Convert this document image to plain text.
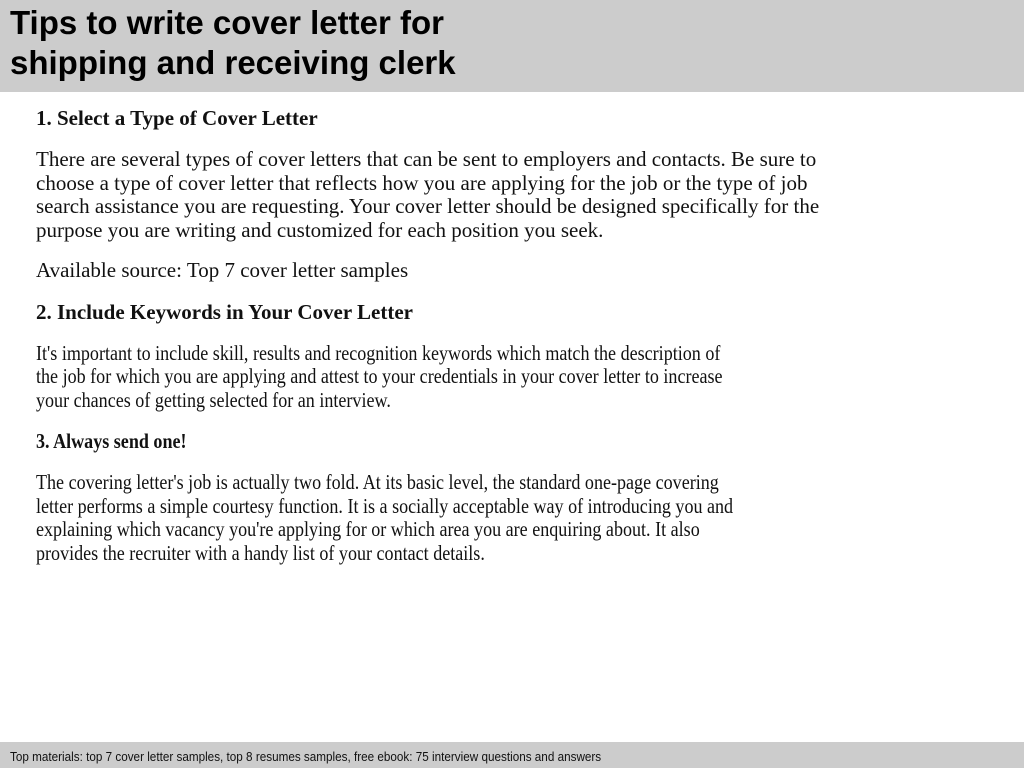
Tips to write cover letter for
shipping and receiving clerk

1. Select a Type of Cover Letter

There are several types of cover letters that can be sent to employers and contacts. Be sure to
choose a type of cover letter that reflects how you are applying for the job or the type of job
search assistance you are requesting. Your cover letter should be designed specifically for the
purpose you are writing and customized for each position you seek.

Available source: Top 7 cover letter samples

2. Include Keywords in Your Cover Letter

It's important to include skill, results and recognition keywords which match the description of
the job for which you are applying and attest to your credentials in your cover letter to increase
your chances of getting selected for an interview.

3. Always send one!

The covering letter's job is actually two fold. At its basic level, the standard one-page covering
letter performs a simple courtesy function. It is a socially acceptable way of introducing you and
explaining which vacancy you're applying for or which area you are enquiring about. It also
provides the recruiter with a handy list of your contact details.

Top materials: top 7 cover letter samples, top 8 resumes samples, free ebook: 75 interview questions and answers
